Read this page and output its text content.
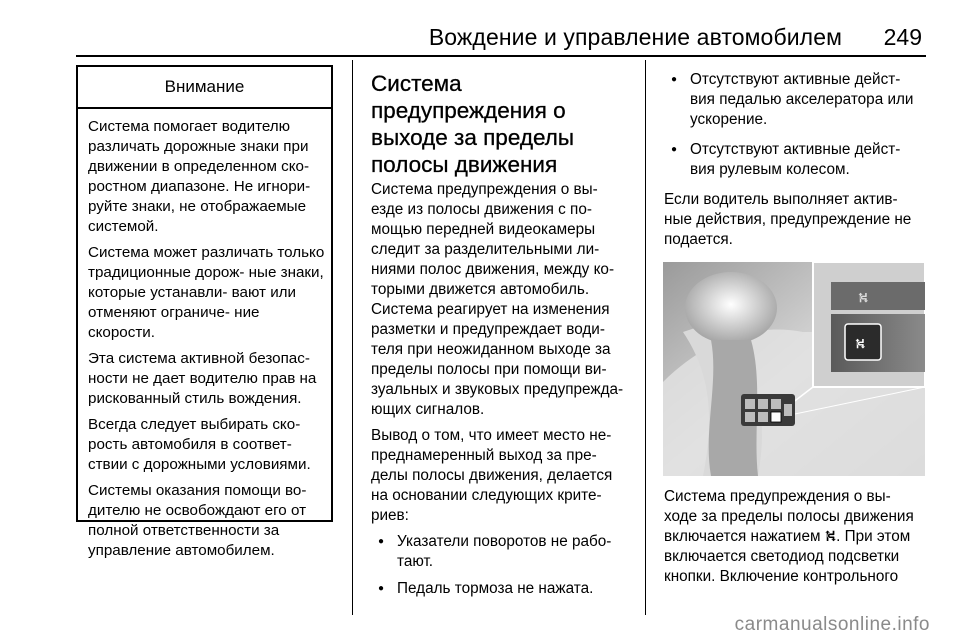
Вождение и управление автомобилем 249
Внимание

Система помогает водителю различать дорожные знаки при движении в определенном ско- ростном диапазоне. Не игнори- руйте знаки, не отображаемые системой.

Система может различать только традиционные дорож- ные знаки, которые устанавли- вают или отменяют ограниче- ние скорости.

Эта система активной безопас- ности не дает водителю прав на рискованный стиль вождения.

Всегда следует выбирать ско- рость автомобиля в соответ- ствии с дорожными условиями.

Системы оказания помощи во- дителю не освобождают его от полной ответственности за управление автомобилем.

Система предупреждения о выходе за пределы полосы движения

Система предупреждения о вы- езде из полосы движения с по- мощью передней видеокамеры следит за разделительными ли- ниями полос движения, между ко- торыми движется автомобиль. Система реагирует на изменения разметки и предупреждает води- теля при неожиданном выходе за пределы полосы при помощи ви- зуальных и звуковых предупрежда- ющих сигналов.

Вывод о том, что имеет место не- преднамеренный выход за пре- делы полосы движения, делается на основании следующих крите- риев:

● Указатели поворотов не рабо- тают.
● Педаль тормоза не нажата.
● Отсутствуют активные дейст- вия педалью акселератора или ускорение.
● Отсутствуют активные дейст- вия рулевым колесом.

Если водитель выполняет актив- ные действия, предупреждение не подается.

⛕
⛕

Система предупреждения о вы- ходе за пределы полосы движения включается нажатием ⛕. При этом включается светодиод подсветки кнопки. Включение контрольного

carmanualsonline.info
